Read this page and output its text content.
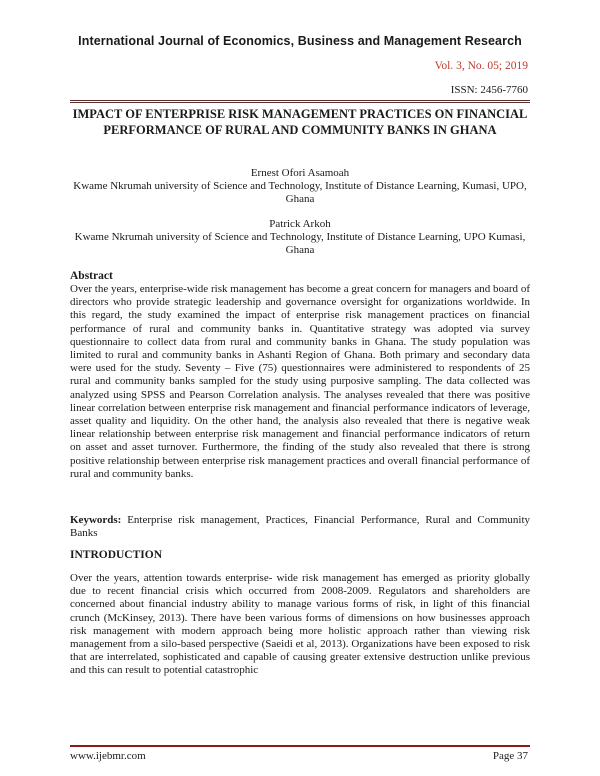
International Journal of Economics, Business and Management Research
Vol. 3, No. 05; 2019
ISSN: 2456-7760
IMPACT OF ENTERPRISE RISK MANAGEMENT PRACTICES ON FINANCIAL PERFORMANCE OF RURAL AND COMMUNITY BANKS IN GHANA
Ernest Ofori Asamoah
Kwame Nkrumah university of Science and Technology, Institute of Distance Learning, Kumasi, UPO, Ghana
Patrick Arkoh
Kwame Nkrumah university of Science and Technology, Institute of Distance Learning, UPO Kumasi, Ghana
Abstract

Over the years, enterprise-wide risk management has become a great concern for managers and board of directors who provide strategic leadership and governance oversight for organizations worldwide. In this regard, the study examined the impact of enterprise risk management practices on financial performance of rural and community banks in. Quantitative strategy was adopted via survey questionnaire to collect data from rural and community banks in Ghana. The study population was limited to rural and community banks in Ashanti Region of Ghana. Both primary and secondary data were used for the study. Seventy – Five (75) questionnaires were administered to respondents of 25 rural and community banks sampled for the study using purposive sampling. The data collected was analyzed using SPSS and Pearson Correlation analysis. The analyses revealed that there was positive linear correlation between enterprise risk management and financial performance indicators of leverage, asset quality and liquidity. On the other hand, the analysis also revealed that there is negative weak linear relationship between enterprise risk management and financial performance indicators of return on asset and asset turnover. Furthermore, the finding of the study also revealed that there is strong positive relationship between enterprise risk management practices and overall financial performance of rural and community banks.

Keywords: Enterprise risk management, Practices, Financial Performance, Rural and Community Banks

INTRODUCTION

Over the years, attention towards enterprise- wide risk management has emerged as priority globally due to recent financial crisis which occurred from 2008-2009. Regulators and shareholders are concerned about financial industry ability to manage various forms of risk, in light of this financial crunch (McKinsey, 2013). There have been various forms of dimensions on how businesses approach risk management with modern approach being more holistic approach rather than viewing risk management from a silo-based perspective (Saeidi et al, 2013). Organizations have been exposed to risk that are interrelated, sophisticated and capable of causing greater extensive destruction unlike previous and this can result to potential catastrophic

www.ijebmr.com	Page 37
